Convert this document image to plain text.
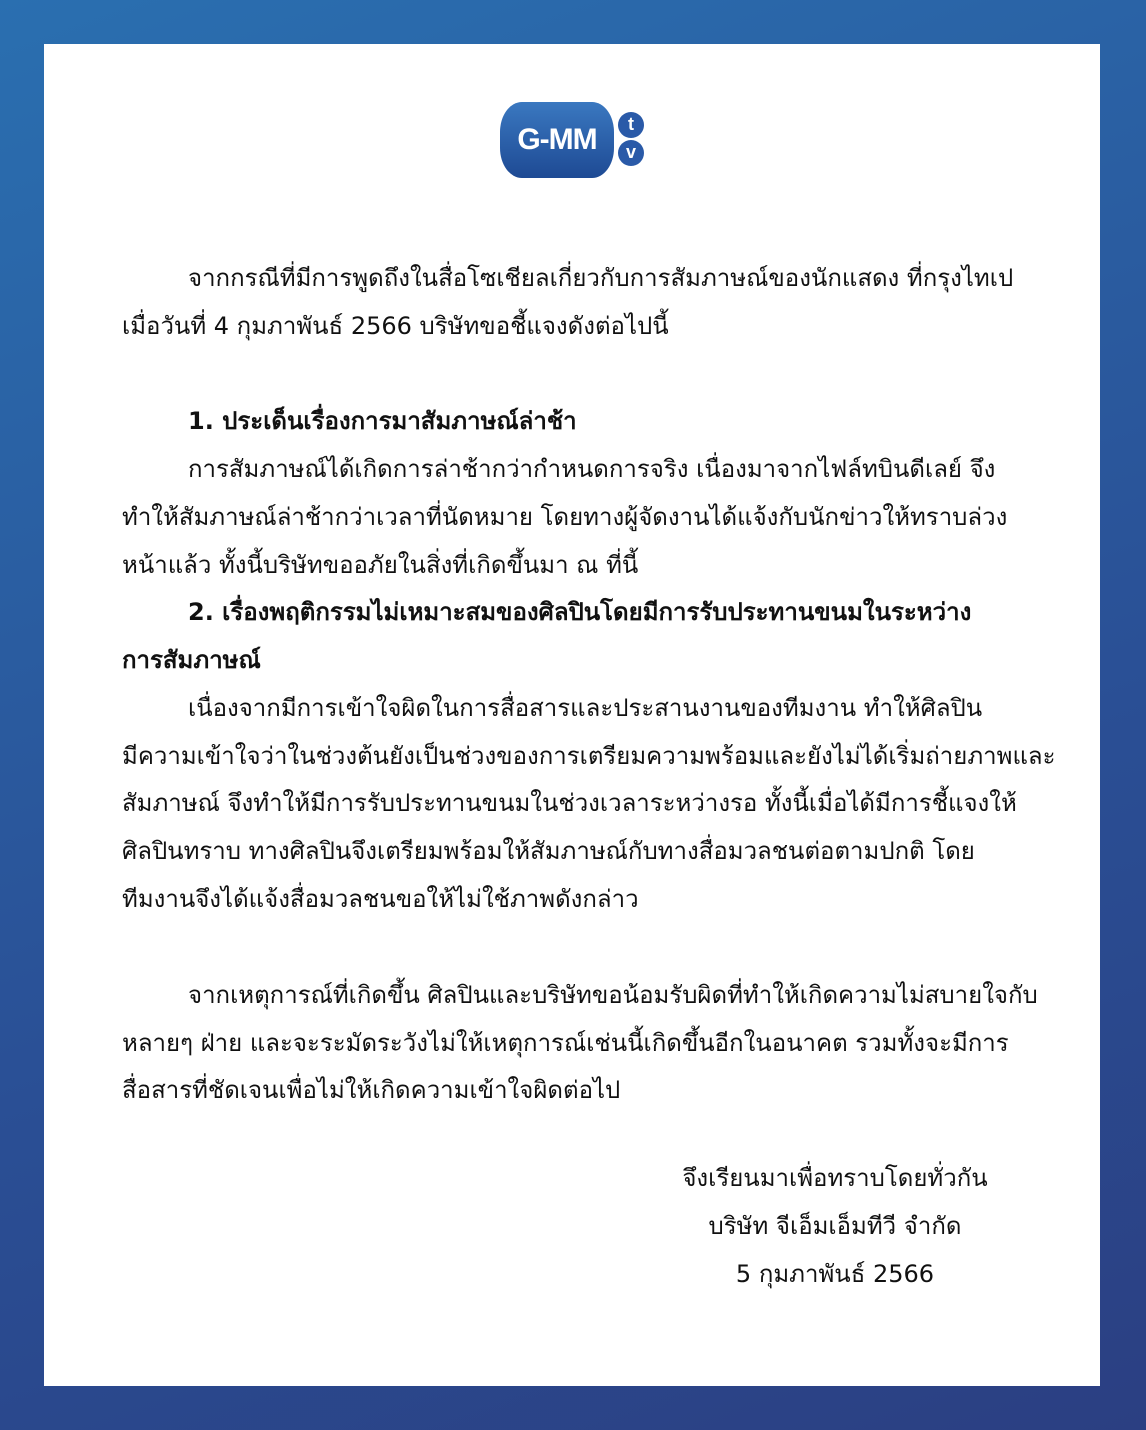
G-MM	t
v
จากกรณีที่มีการพูดถึงในสื่อโซเชียลเกี่ยวกับการสัมภาษณ์ของนักแสดง ที่กรุงไทเป
เมื่อวันที่ 4 กุมภาพันธ์ 2566 บริษัทขอชี้แจงดังต่อไปนี้
1. ประเด็นเรื่องการมาสัมภาษณ์ล่าช้า
การสัมภาษณ์ได้เกิดการล่าช้ากว่ากำหนดการจริง เนื่องมาจากไฟล์ทบินดีเลย์ จึง
ทำให้สัมภาษณ์ล่าช้ากว่าเวลาที่นัดหมาย โดยทางผู้จัดงานได้แจ้งกับนักข่าวให้ทราบล่วง
หน้าแล้ว ทั้งนี้บริษัทขออภัยในสิ่งที่เกิดขึ้นมา ณ ที่นี้
2. เรื่องพฤติกรรมไม่เหมาะสมของศิลปินโดยมีการรับประทานขนมในระหว่าง
การสัมภาษณ์
เนื่องจากมีการเข้าใจผิดในการสื่อสารและประสานงานของทีมงาน ทำให้ศิลปิน
มีความเข้าใจว่าในช่วงต้นยังเป็นช่วงของการเตรียมความพร้อมและยังไม่ได้เริ่มถ่ายภาพและ
สัมภาษณ์ จึงทำให้มีการรับประทานขนมในช่วงเวลาระหว่างรอ ทั้งนี้เมื่อได้มีการชี้แจงให้
ศิลปินทราบ ทางศิลปินจึงเตรียมพร้อมให้สัมภาษณ์กับทางสื่อมวลชนต่อตามปกติ โดย
ทีมงานจึงได้แจ้งสื่อมวลชนขอให้ไม่ใช้ภาพดังกล่าว
จากเหตุการณ์ที่เกิดขึ้น ศิลปินและบริษัทขอน้อมรับผิดที่ทำให้เกิดความไม่สบายใจกับ
หลายๆ ฝ่าย และจะระมัดระวังไม่ให้เหตุการณ์เช่นนี้เกิดขึ้นอีกในอนาคต รวมทั้งจะมีการ
สื่อสารที่ชัดเจนเพื่อไม่ให้เกิดความเข้าใจผิดต่อไป
จึงเรียนมาเพื่อทราบโดยทั่วกัน
บริษัท จีเอ็มเอ็มทีวี จำกัด
5 กุมภาพันธ์ 2566
